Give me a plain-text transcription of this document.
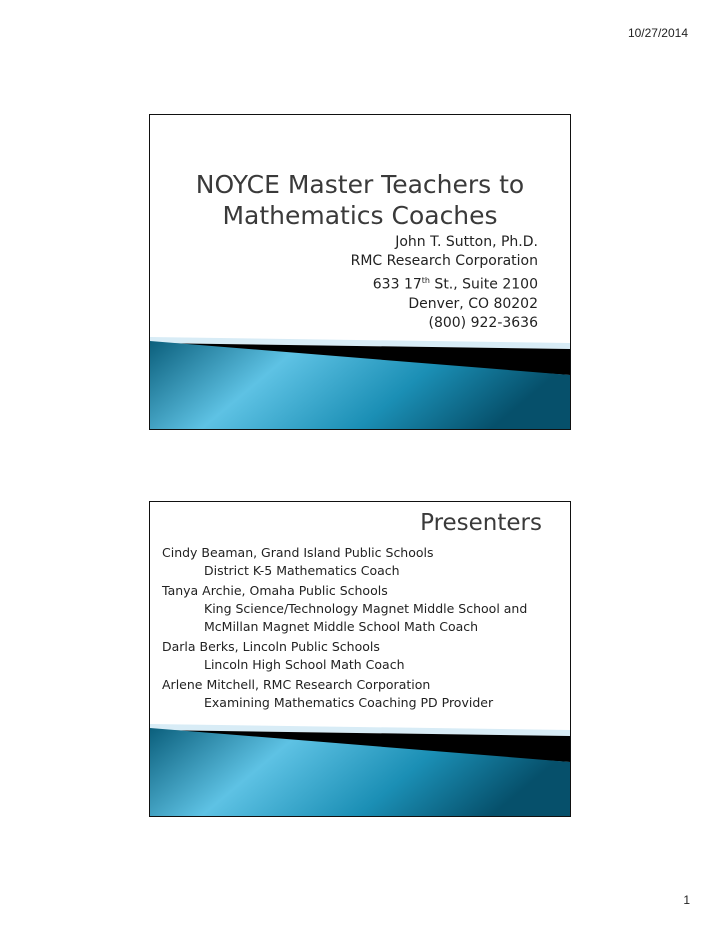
10/27/2014
NOYCE Master Teachers to
Mathematics Coaches
John T. Sutton, Ph.D.
RMC Research Corporation
633 17th St., Suite 2100
Denver, CO 80202
(800) 922-3636
Presenters
Cindy Beaman, Grand Island Public Schools
District K-5 Mathematics Coach
Tanya Archie, Omaha Public Schools
King Science/Technology Magnet Middle School and
McMillan Magnet Middle School Math Coach
Darla Berks, Lincoln Public Schools
Lincoln High School Math Coach
Arlene Mitchell, RMC Research Corporation
Examining Mathematics Coaching PD Provider
1
